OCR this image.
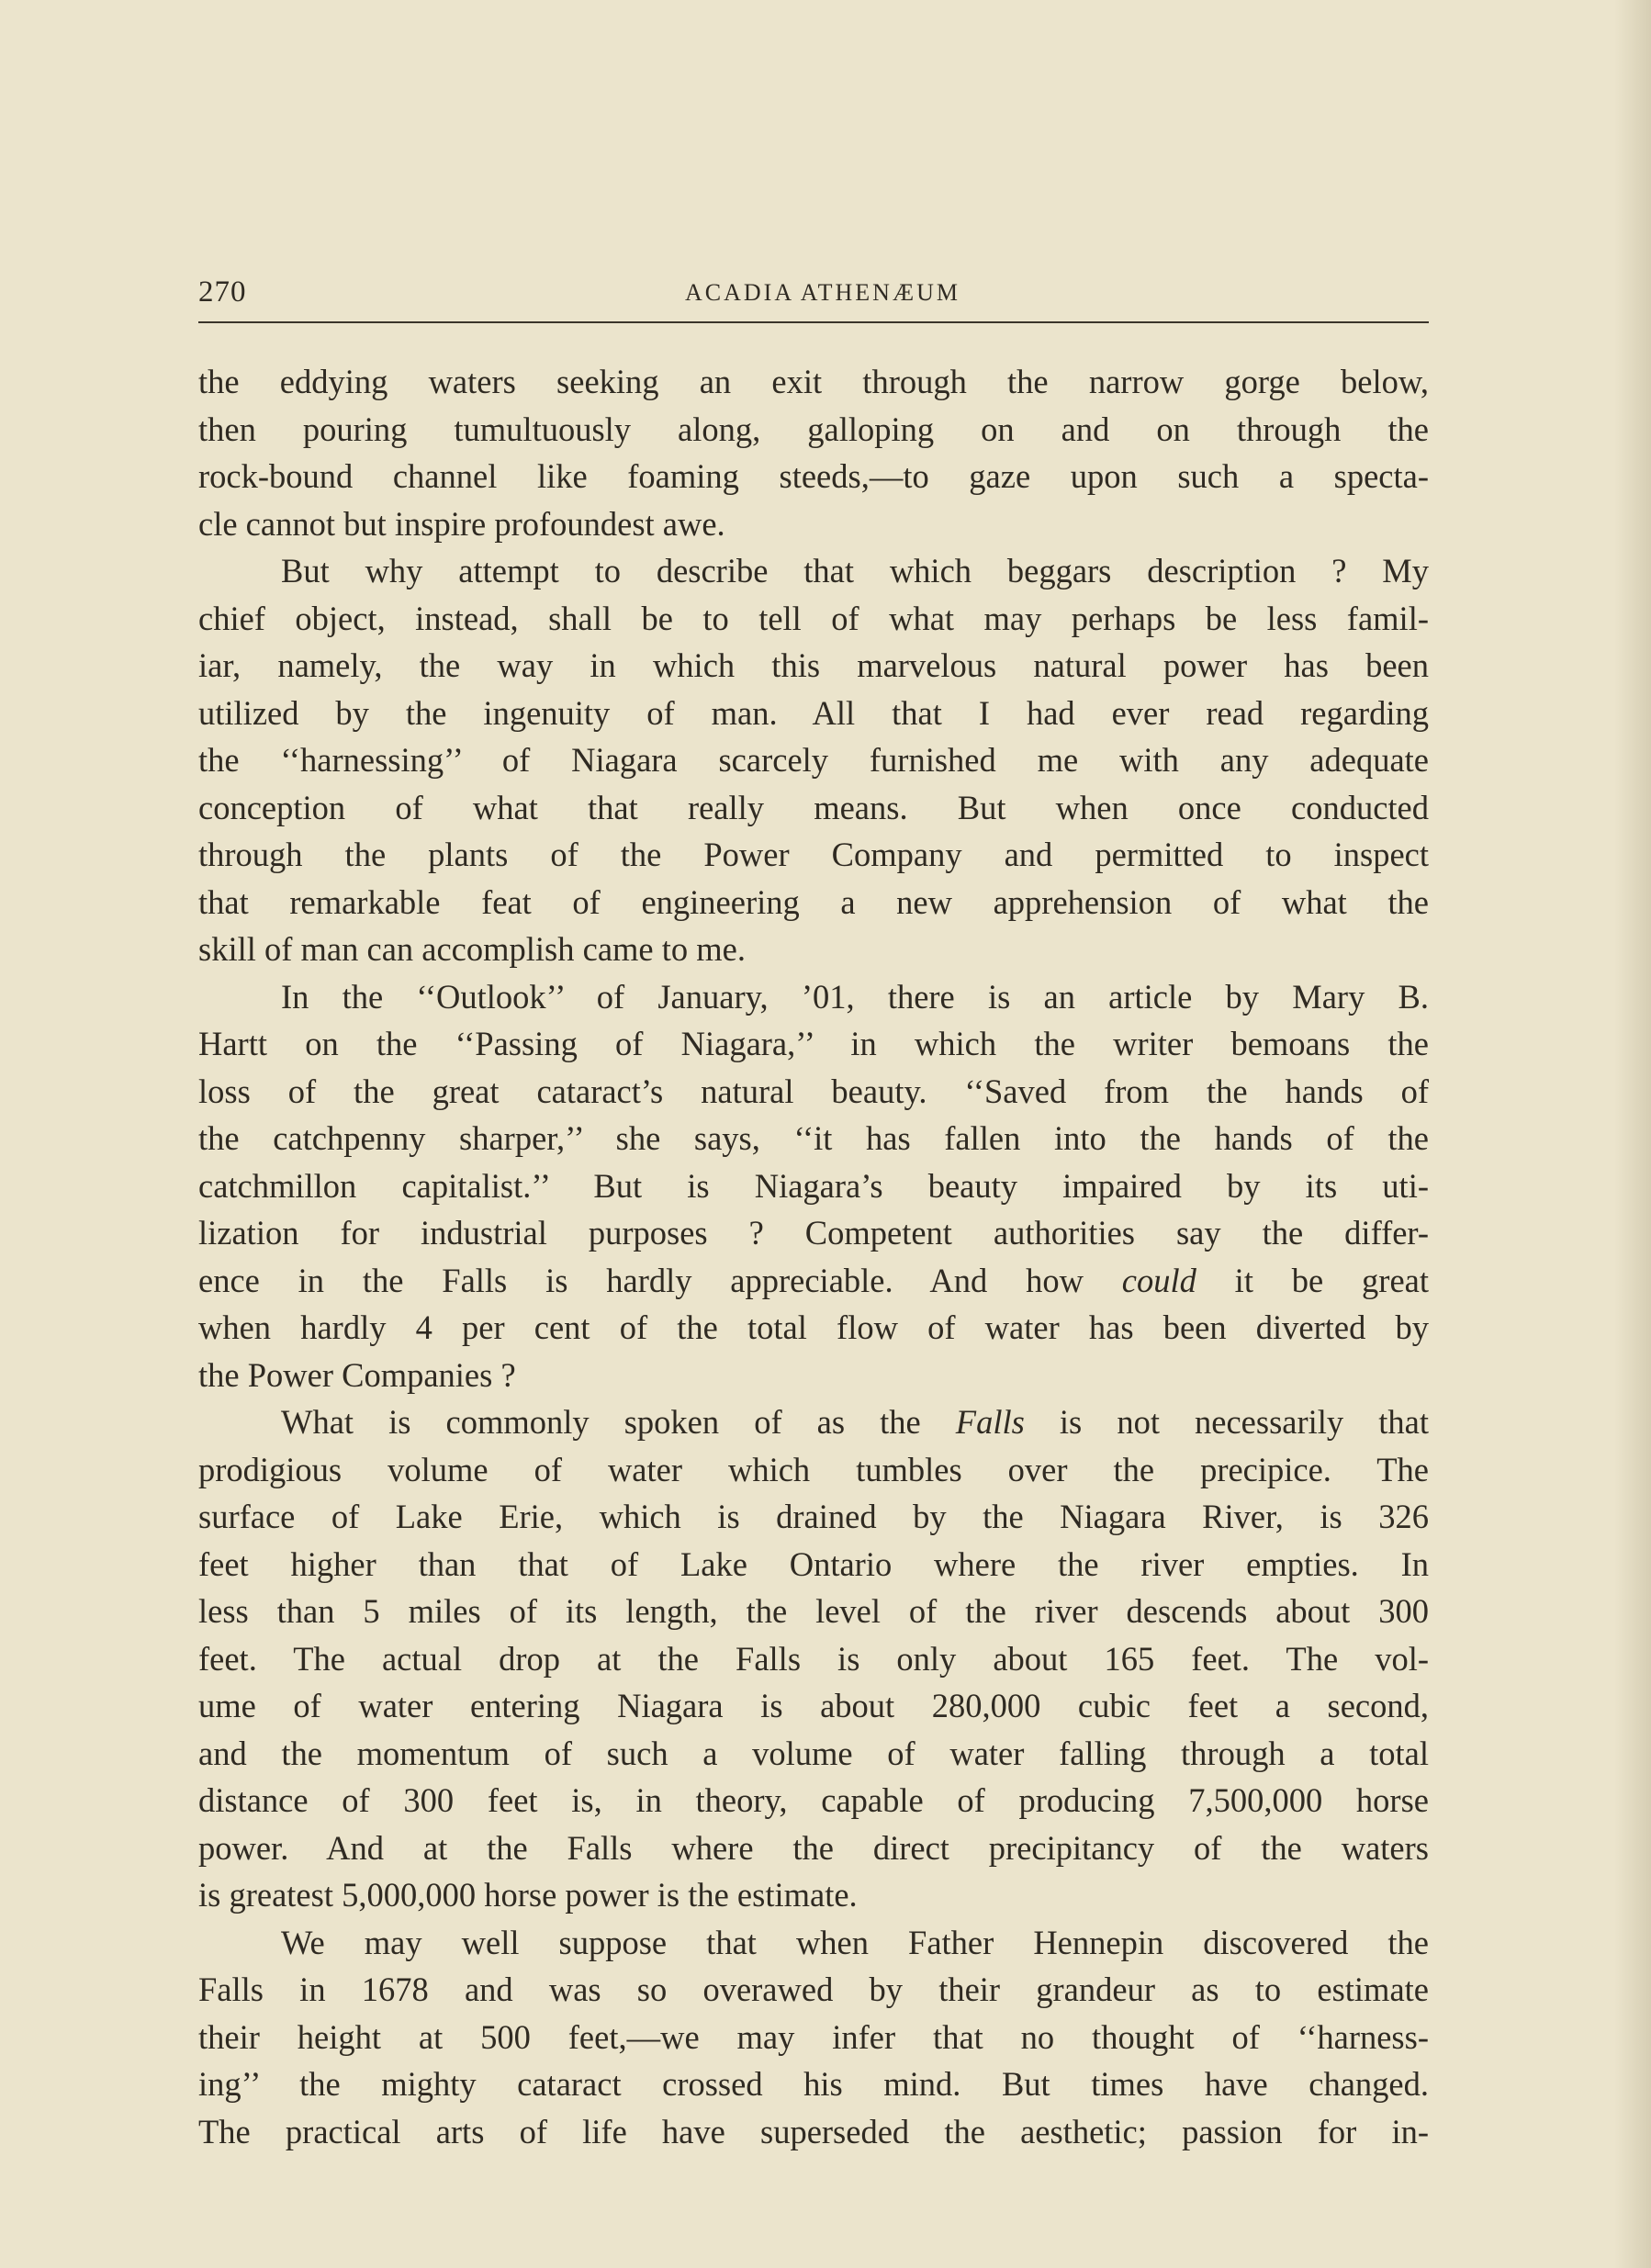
270	ACADIA ATHENÆUM

the eddying waters seeking an exit through the narrow gorge below,
then pouring tumultuously along, galloping on and on through the
rock-bound channel like foaming steeds,—to gaze upon such a specta-
cle cannot but inspire profoundest awe.

But why attempt to describe that which beggars description ? My
chief object, instead, shall be to tell of what may perhaps be less famil-
iar, namely, the way in which this marvelous natural power has been
utilized by the ingenuity of man. All that I had ever read regarding
the ‘‘harnessing’’ of Niagara scarcely furnished me with any adequate
conception of what that really means. But when once conducted
through the plants of the Power Company and permitted to inspect
that remarkable feat of engineering a new apprehension of what the
skill of man can accomplish came to me.

In the ‘‘Outlook’’ of January, ’01, there is an article by Mary B.
Hartt on the ‘‘Passing of Niagara,’’ in which the writer bemoans the
loss of the great cataract’s natural beauty. ‘‘Saved from the hands of
the catchpenny sharper,’’ she says, ‘‘it has fallen into the hands of the
catchmillon capitalist.’’ But is Niagara’s beauty impaired by its uti-
lization for industrial purposes ? Competent authorities say the differ-
ence in the Falls is hardly appreciable. And how could it be great
when hardly 4 per cent of the total flow of water has been diverted by
the Power Companies ?

What is commonly spoken of as the Falls is not necessarily that
prodigious volume of water which tumbles over the precipice. The
surface of Lake Erie, which is drained by the Niagara River, is 326
feet higher than that of Lake Ontario where the river empties. In
less than 5 miles of its length, the level of the river descends about 300
feet. The actual drop at the Falls is only about 165 feet. The vol-
ume of water entering Niagara is about 280,000 cubic feet a second,
and the momentum of such a volume of water falling through a total
distance of 300 feet is, in theory, capable of producing 7,500,000 horse
power. And at the Falls where the direct precipitancy of the waters
is greatest 5,000,000 horse power is the estimate.

We may well suppose that when Father Hennepin discovered the
Falls in 1678 and was so overawed by their grandeur as to estimate
their height at 500 feet,—we may infer that no thought of ‘‘harness-
ing’’ the mighty cataract crossed his mind. But times have changed.
The practical arts of life have superseded the aesthetic; passion for in-
